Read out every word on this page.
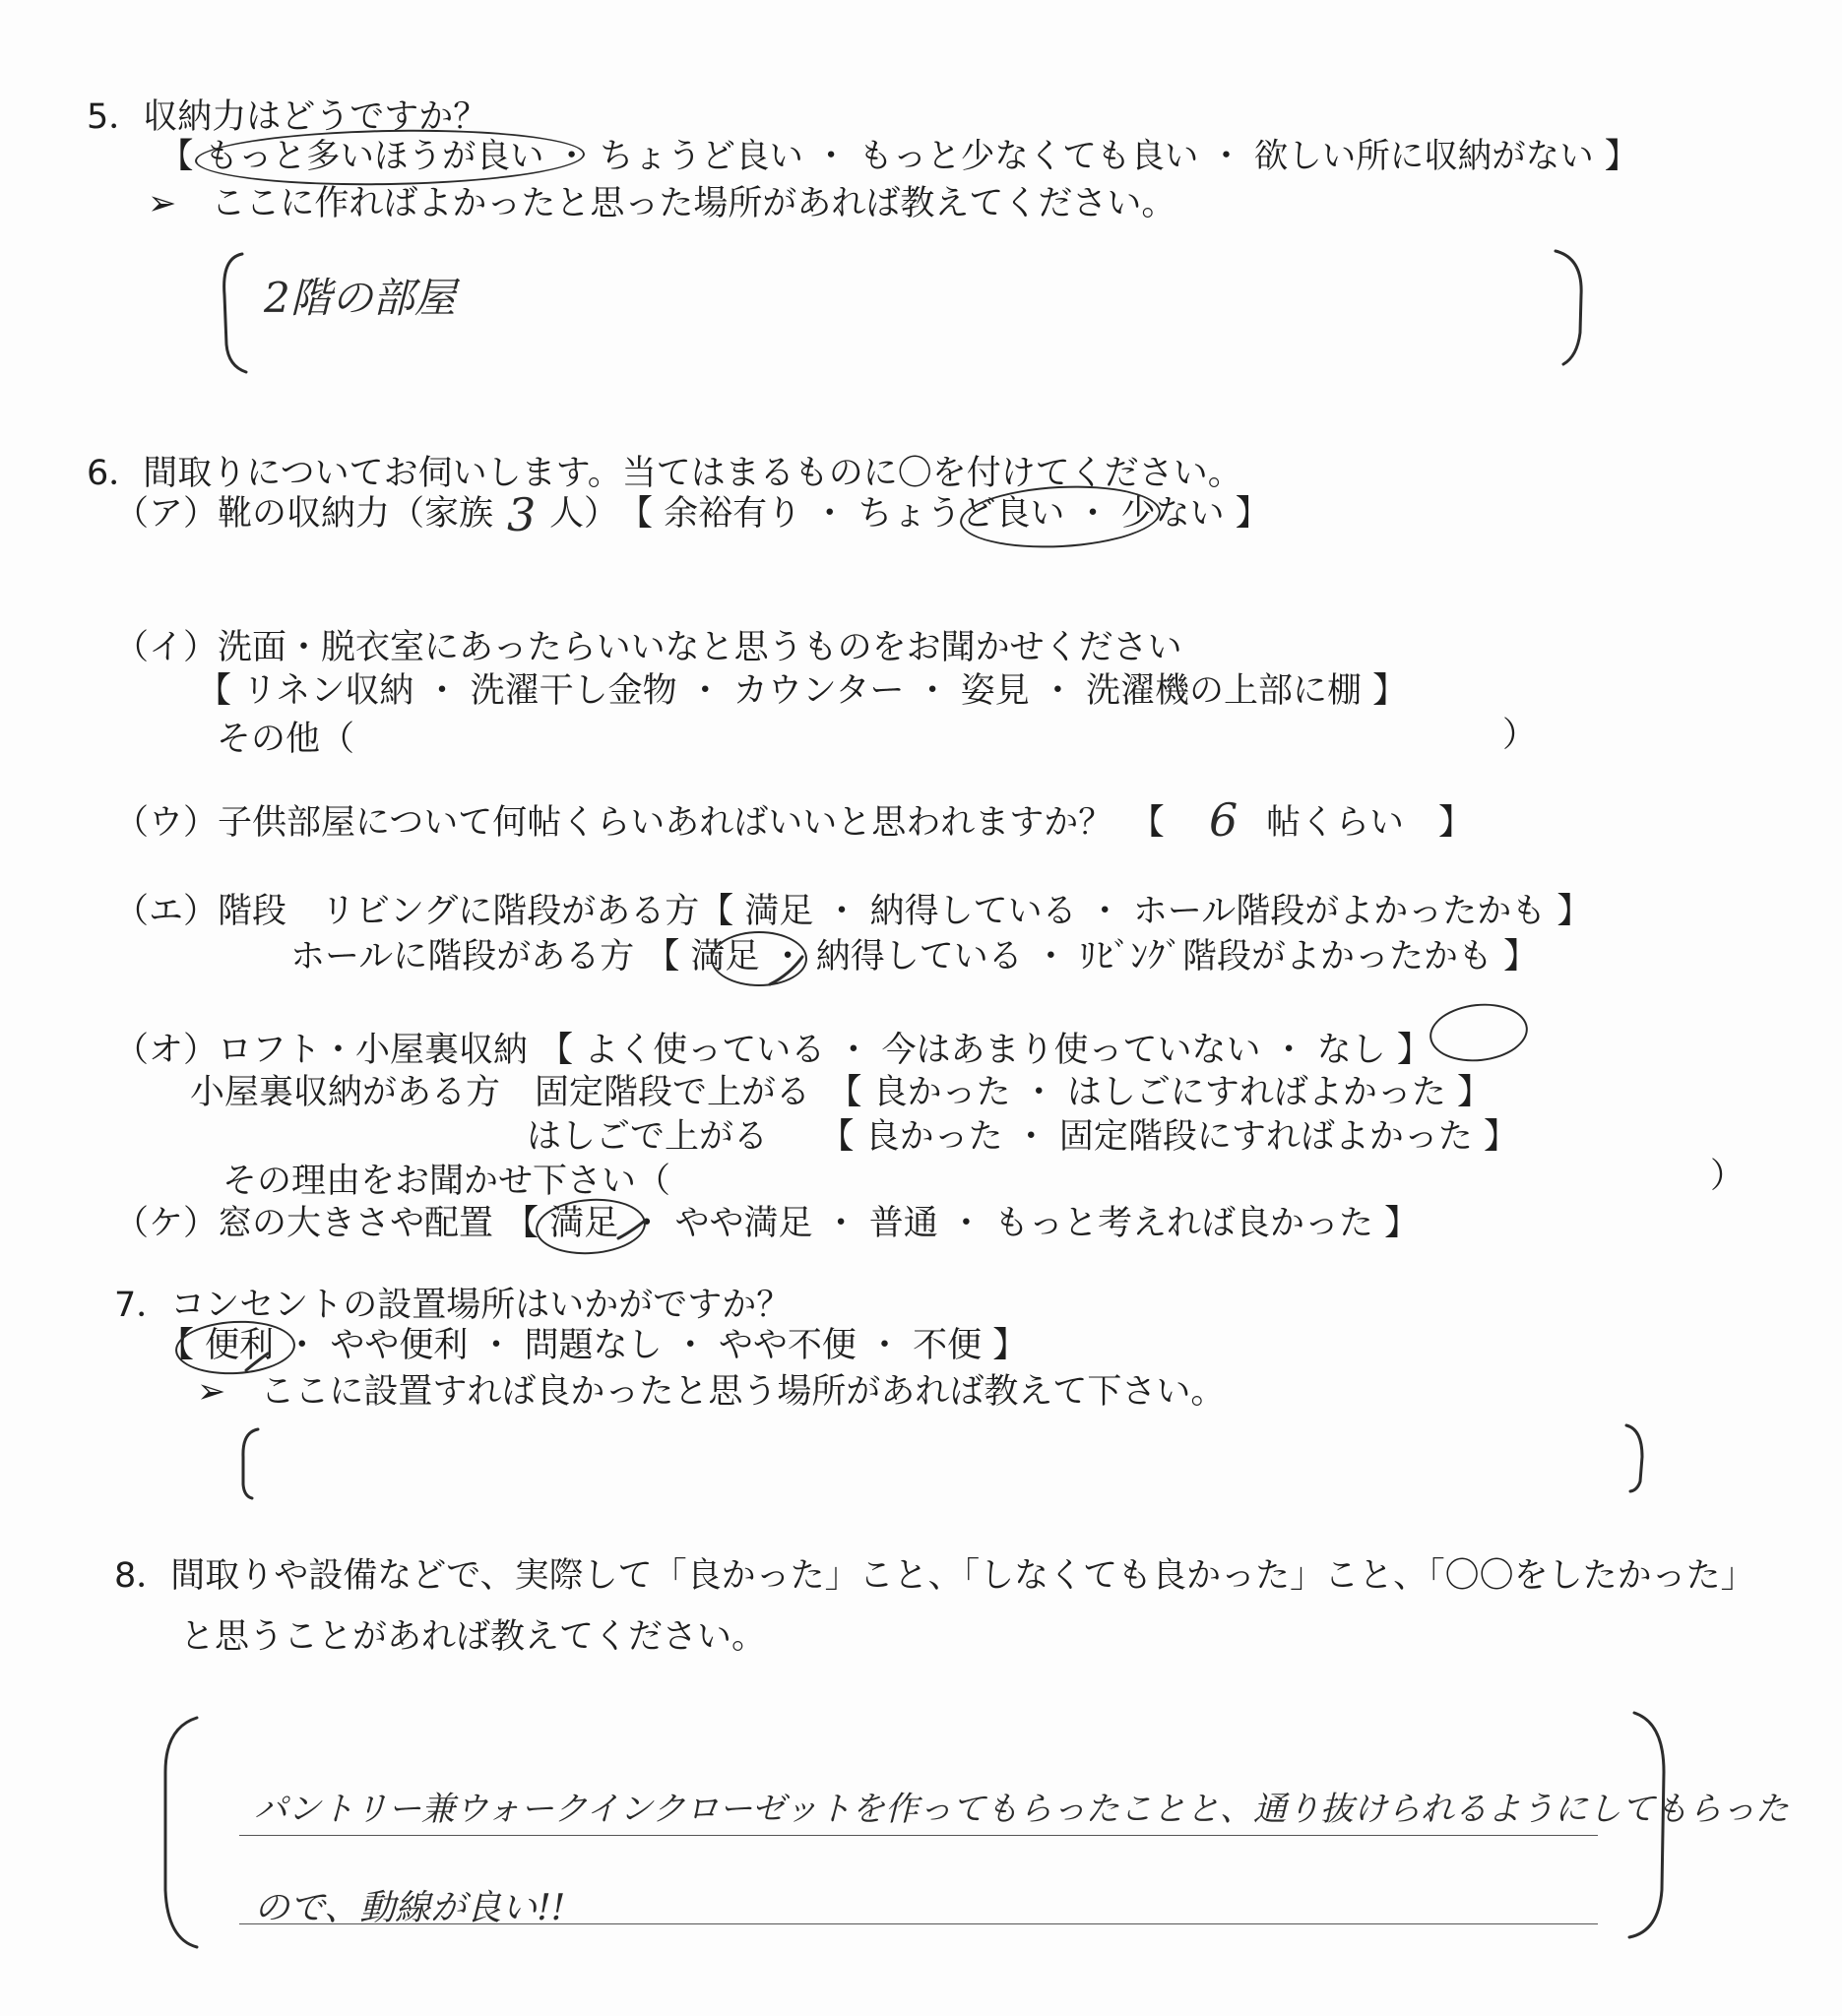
5．収納力はどうですか？
【 もっと多いほうが良い ・ ちょうど良い ・ もっと少なくても良い ・ 欲しい所に収納がない 】
➢　ここに作ればよかったと思った場所があれば教えてください。
2階の部屋
6．間取りについてお伺いします。当てはまるものに〇を付けてください。
（ア）靴の収納力（家族 3 人）　【 余裕有り ・ ちょうど良い ・ 少ない 】
（イ）洗面・脱衣室にあったらいいなと思うものをお聞かせください
【 リネン収納 ・ 洗濯干し金物 ・ カウンター ・ 姿見 ・ 洗濯機の上部に棚 】
その他（	）
（ウ）子供部屋について何帖くらいあればいいと思われますか？　【 6 帖くらい　】
（エ）階段　リビングに階段がある方【 満足 ・ 納得している ・ ホール階段がよかったかも 】
ホールに階段がある方 【 満足 ・ 納得している ・ ﾘﾋﾞﾝｸﾞ階段がよかったかも 】
（オ）ロフト・小屋裏収納 【 よく使っている ・ 今はあまり使っていない ・ なし 】
小屋裏収納がある方　固定階段で上がる　【 良かった ・ はしごにすればよかった 】
はしごで上がる　　【 良かった ・ 固定階段にすればよかった 】
その理由をお聞かせ下さい（	）
（ケ）窓の大きさや配置 【 満足 ・ やや満足 ・ 普通 ・ もっと考えれば良かった 】
7．コンセントの設置場所はいかがですか？
【 便利 ・ やや便利 ・ 問題なし ・ やや不便 ・ 不便 】
➢　ここに設置すれば良かったと思う場所があれば教えて下さい。
8．間取りや設備などで、実際して「良かった」こと、「しなくても良かった」こと、「〇〇をしたかった」
と思うことがあれば教えてください。
パントリー兼ウォークインクローゼットを作ってもらったことと、通り抜けられるようにしてもらった
ので、動線が良い!!
